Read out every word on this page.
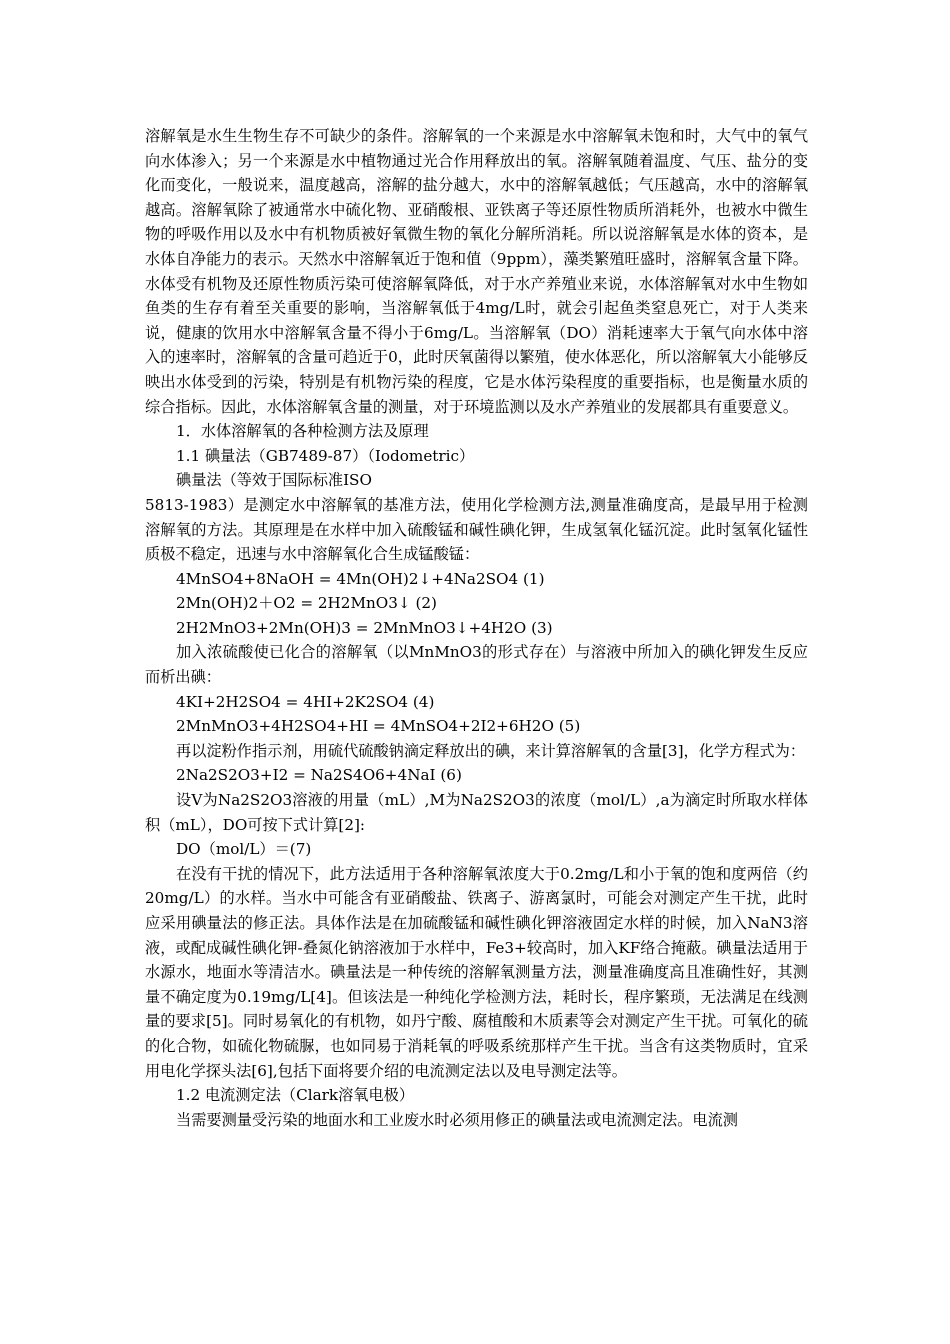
溶解氧是水生生物生存不可缺少的条件。溶解氧的一个来源是水中溶解氧未饱和时，大气中的氧气向水体渗入；另一个来源是水中植物通过光合作用释放出的氧。溶解氧随着温度、气压、盐分的变化而变化，一般说来，温度越高，溶解的盐分越大，水中的溶解氧越低；气压越高，水中的溶解氧越高。溶解氧除了被通常水中硫化物、亚硝酸根、亚铁离子等还原性物质所消耗外，也被水中微生物的呼吸作用以及水中有机物质被好氧微生物的氧化分解所消耗。所以说溶解氧是水体的资本，是水体自净能力的表示。天然水中溶解氧近于饱和值（9ppm），藻类繁殖旺盛时，溶解氧含量下降。水体受有机物及还原性物质污染可使溶解氧降低，对于水产养殖业来说，水体溶解氧对水中生物如鱼类的生存有着至关重要的影响，当溶解氧低于4mg/L时，就会引起鱼类窒息死亡，对于人类来说，健康的饮用水中溶解氧含量不得小于6mg/L。当溶解氧（DO）消耗速率大于氧气向水体中溶入的速率时，溶解氧的含量可趋近于0，此时厌氧菌得以繁殖，使水体恶化，所以溶解氧大小能够反映出水体受到的污染，特别是有机物污染的程度，它是水体污染程度的重要指标，也是衡量水质的综合指标。因此，水体溶解氧含量的测量，对于环境监测以及水产养殖业的发展都具有重要意义。

1．水体溶解氧的各种检测方法及原理

1.1 碘量法（GB7489-87）（Iodometric）

碘量法（等效于国际标准ISO

5813-1983）是测定水中溶解氧的基准方法，使用化学检测方法,测量准确度高，是最早用于检测溶解氧的方法。其原理是在水样中加入硫酸锰和碱性碘化钾，生成氢氧化锰沉淀。此时氢氧化锰性质极不稳定，迅速与水中溶解氧化合生成锰酸锰：

4MnSO4+8NaOH = 4Mn(OH)2↓+4Na2SO4 (1)

2Mn(OH)2＋O2 = 2H2MnO3↓ (2)

2H2MnO3+2Mn(OH)3 = 2MnMnO3↓+4H2O (3)

加入浓硫酸使已化合的溶解氧（以MnMnO3的形式存在）与溶液中所加入的碘化钾发生反应而析出碘：

4KI+2H2SO4 = 4HI+2K2SO4 (4)

2MnMnO3+4H2SO4+HI = 4MnSO4+2I2+6H2O (5)

再以淀粉作指示剂，用硫代硫酸钠滴定释放出的碘，来计算溶解氧的含量[3]，化学方程式为：

2Na2S2O3+I2 = Na2S4O6+4NaI (6)

设V为Na2S2O3溶液的用量（mL）,M为Na2S2O3的浓度（mol/L）,a为滴定时所取水样体积（mL），DO可按下式计算[2]:

DO（mol/L）＝(7)

在没有干扰的情况下，此方法适用于各种溶解氧浓度大于0.2mg/L和小于氧的饱和度两倍（约20mg/L）的水样。当水中可能含有亚硝酸盐、铁离子、游离氯时，可能会对测定产生干扰，此时应采用碘量法的修正法。具体作法是在加硫酸锰和碱性碘化钾溶液固定水样的时候，加入NaN3溶液，或配成碱性碘化钾-叠氮化钠溶液加于水样中，Fe3+较高时，加入KF络合掩蔽。碘量法适用于水源水，地面水等清洁水。碘量法是一种传统的溶解氧测量方法，测量准确度高且准确性好，其测量不确定度为0.19mg/L[4]。但该法是一种纯化学检测方法，耗时长，程序繁琐，无法满足在线测量的要求[5]。同时易氧化的有机物，如丹宁酸、腐植酸和木质素等会对测定产生干扰。可氧化的硫的化合物，如硫化物硫脲，也如同易于消耗氧的呼吸系统那样产生干扰。当含有这类物质时，宜采用电化学探头法[6],包括下面将要介绍的电流测定法以及电导测定法等。

1.2 电流测定法（Clark溶氧电极）

当需要测量受污染的地面水和工业废水时必须用修正的碘量法或电流测定法。电流测
